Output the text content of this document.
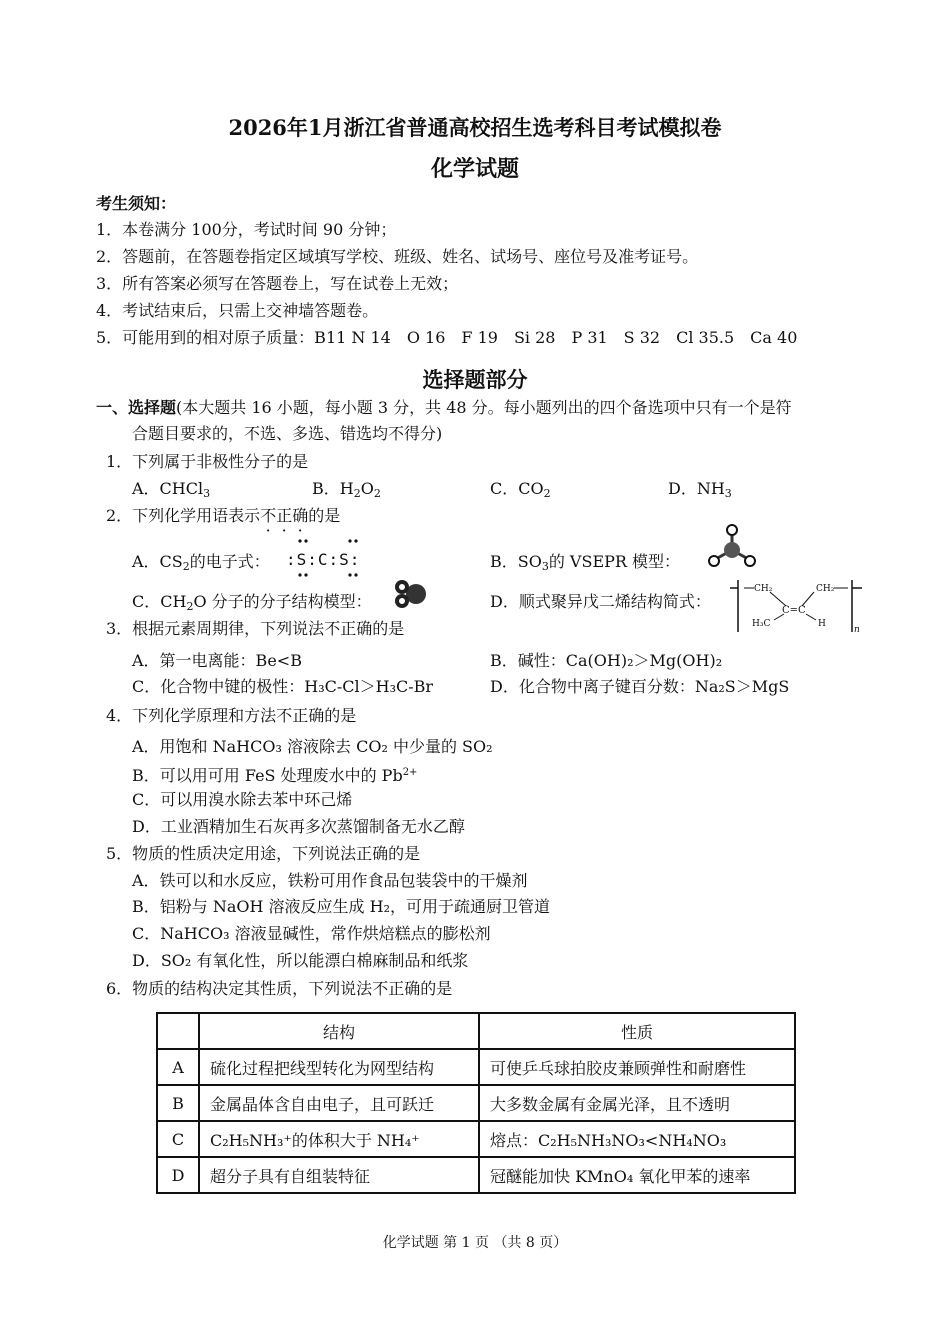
2026年1月浙江省普通高校招生选考科目考试模拟卷
化学试题
考生须知：
1．本卷满分 100分，考试时间 90 分钟；
2．答题前，在答题卷指定区域填写学校、班级、姓名、试场号、座位号及准考证号。
3．所有答案必须写在答题卷上，写在试卷上无效；
4．考试结束后，只需上交神墙答题卷。
5．可能用到的相对原子质量：B11 N 14　O 16　F 19　Si 28　P 31　S 32　Cl 35.5　Ca 40
选择题部分
一、选择题(本大题共 16 小题，每小题 3 分，共 48 分。每小题列出的四个备选项中只有一个是符
合题目要求的，不选、多选、错选均不得分)
1．下列属于非极性分子的是
A．CHCl$_3$	B．$H_2O_2$	C．$CO_2$	D．$NH_3$
2．下列化学用语表示不正确的是
A．$CS_2$的电子式： :S:C:S:	B．$SO_3$的 VSEPR 模型：
C．$CH_2O$ 分子的分子结构模型：	D．顺式聚异戊二烯结构简式：
CH₂	CH₂
C=C
H₃C	H
n
3．根据元素周期律，下列说法不正确的是
A．第一电离能：Be<B	B．碱性：Ca(OH)₂＞Mg(OH)₂
C．化合物中键的极性：H₃C-Cl＞H₃C-Br	D．化合物中离子键百分数：Na₂S＞MgS
4．下列化学原理和方法不正确的是
A．用饱和 NaHCO₃ 溶液除去 CO₂ 中少量的 SO₂
B．可以用可用 FeS 处理废水中的 $Pb^{2+}$
C．可以用溴水除去苯中环己烯
D．工业酒精加生石灰再多次蒸馏制备无水乙醇
5．物质的性质决定用途，下列说法正确的是
A．铁可以和水反应，铁粉可用作食品包装袋中的干燥剂
B．铝粉与 NaOH 溶液反应生成 H₂，可用于疏通厨卫管道
C．NaHCO₃ 溶液显碱性，常作烘焙糕点的膨松剂
D．SO₂ 有氧化性，所以能漂白棉麻制品和纸浆
6．物质的结构决定其性质，下列说法不正确的是
	结构	性质
A	硫化过程把线型转化为网型结构	可使乒乓球拍胶皮兼顾弹性和耐磨性
B	金属晶体含自由电子，且可跃迁	大多数金属有金属光泽，且不透明
C	C₂H₅NH₃⁺的体积大于 NH₄⁺	熔点：C₂H₅NH₃NO₃<NH₄NO₃
D	超分子具有自组装特征	冠醚能加快 KMnO₄ 氧化甲苯的速率
化学试题 第 1 页 （共 8 页）
